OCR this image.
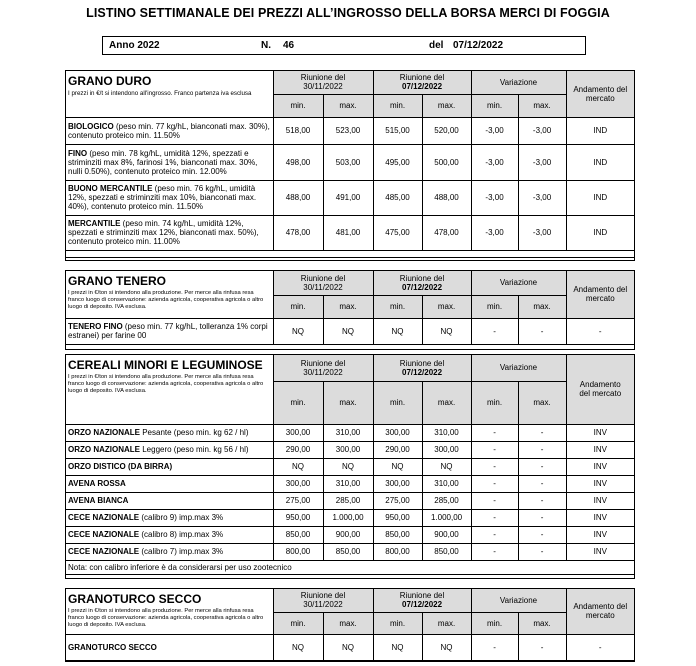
LISTINO SETTIMANALE DEI PREZZI ALL’INGROSSO DELLA BORSA MERCI DI FOGGIA
Anno 2022	N. 46	del 07/12/2022
GRANO DURO
I prezzi in €/t si intendono all'ingrosso. Franco partenza iva esclusa	Riunione del
30/11/2022		Riunione del
07/12/2022		Variazione		Andamento del
mercato
	min.	max.	min.	max.	min.	max.	
BIOLOGICO (peso min. 77 kg/hL, bianconati max. 30%), contenuto proteico min. 11.50%	518,00	523,00	515,00	520,00	-3,00	-3,00	IND
FINO (peso min. 78 kg/hL, umidità 12%, spezzati e striminziti max 8%, farinosi 1%, bianconati max. 30%, nulli 0.50%), contenuto proteico min. 12.00%	498,00	503,00	495,00	500,00	-3,00	-3,00	IND
BUONO MERCANTILE (peso min. 76 kg/hL, umidità 12%, spezzati e striminziti max 10%, bianconati max. 40%), contenuto proteico min. 11.50%	488,00	491,00	485,00	488,00	-3,00	-3,00	IND
MERCANTILE (peso min. 74 kg/hL, umidità 12%, spezzati e striminziti max 12%, bianconati max. 50%), contenuto proteico min. 11.00%	478,00	481,00	475,00	478,00	-3,00	-3,00	IND

GRANO TENERO
I prezzi in €/ton si intendono alla produzione. Per merce alla rinfusa resa franco luogo di conservazione: azienda agricola, cooperativa agricola o altro luogo di deposito. IVA esclusa.	Riunione del
30/11/2022		Riunione del
07/12/2022		Variazione		Andamento del
mercato
	min.	max.	min.	max.	min.	max.	
TENERO FINO (peso min. 77 kg/hL, tolleranza 1% corpi estranei) per farine 00	NQ	NQ	NQ	NQ	-	-	-
CEREALI MINORI E LEGUMINOSE
I prezzi in €/ton si intendono alla produzione. Per merce alla rinfusa resa franco luogo di conservazione: azienda agricola, cooperativa agricola o altro luogo di deposito. IVA esclusa.	Riunione del
30/11/2022		Riunione del
07/12/2022		Variazione		Andamento
del mercato
	min.	max.	min.	max.	min.	max.	
ORZO NAZIONALE Pesante (peso min. kg 62 / hl)	300,00	310,00	300,00	310,00	-	-	INV
ORZO NAZIONALE Leggero (peso min. kg 56 / hl)	290,00	300,00	290,00	300,00	-	-	INV
ORZO DISTICO (DA BIRRA)	NQ	NQ	NQ	NQ	-	-	INV
AVENA ROSSA	300,00	310,00	300,00	310,00	-	-	INV
AVENA BIANCA	275,00	285,00	275,00	285,00	-	-	INV
CECE NAZIONALE (calibro 9) imp.max 3%	950,00	1.000,00	950,00	1.000,00	-	-	INV
CECE NAZIONALE (calibro 8) imp.max 3%	850,00	900,00	850,00	900,00	-	-	INV
CECE NAZIONALE (calibro 7) imp.max 3%	800,00	850,00	800,00	850,00	-	-	INV
Nota: con calibro inferiore è da considerarsi per uso zootecnico							
GRANOTURCO SECCO
I prezzi in €/ton si intendono alla produzione. Per merce alla rinfusa resa franco luogo di conservazione: azienda agricola, cooperativa agricola o altro luogo di deposito. IVA esclusa.	Riunione del
30/11/2022		Riunione del
07/12/2022		Variazione		Andamento del
mercato
	min.	max.	min.	max.	min.	max.	
GRANOTURCO SECCO	NQ	NQ	NQ	NQ	-	-	-
